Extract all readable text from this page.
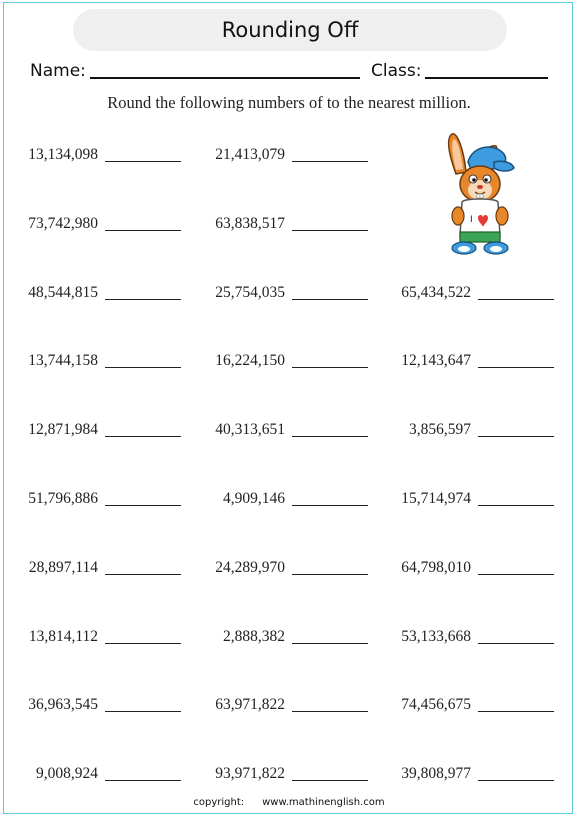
Rounding Off
Name:	Class:
Round the following numbers of to the nearest million.
13,134,098	21,413,079
73,742,980	63,838,517
48,544,815	25,754,035	65,434,522
13,744,158	16,224,150	12,143,647
12,871,984	40,313,651	3,856,597
51,796,886	4,909,146	15,714,974
28,897,114	24,289,970	64,798,010
13,814,112	2,888,382	53,133,668
36,963,545	63,971,822	74,456,675
9,008,924	93,971,822	39,808,977
I
copyright: www.mathinenglish.com
